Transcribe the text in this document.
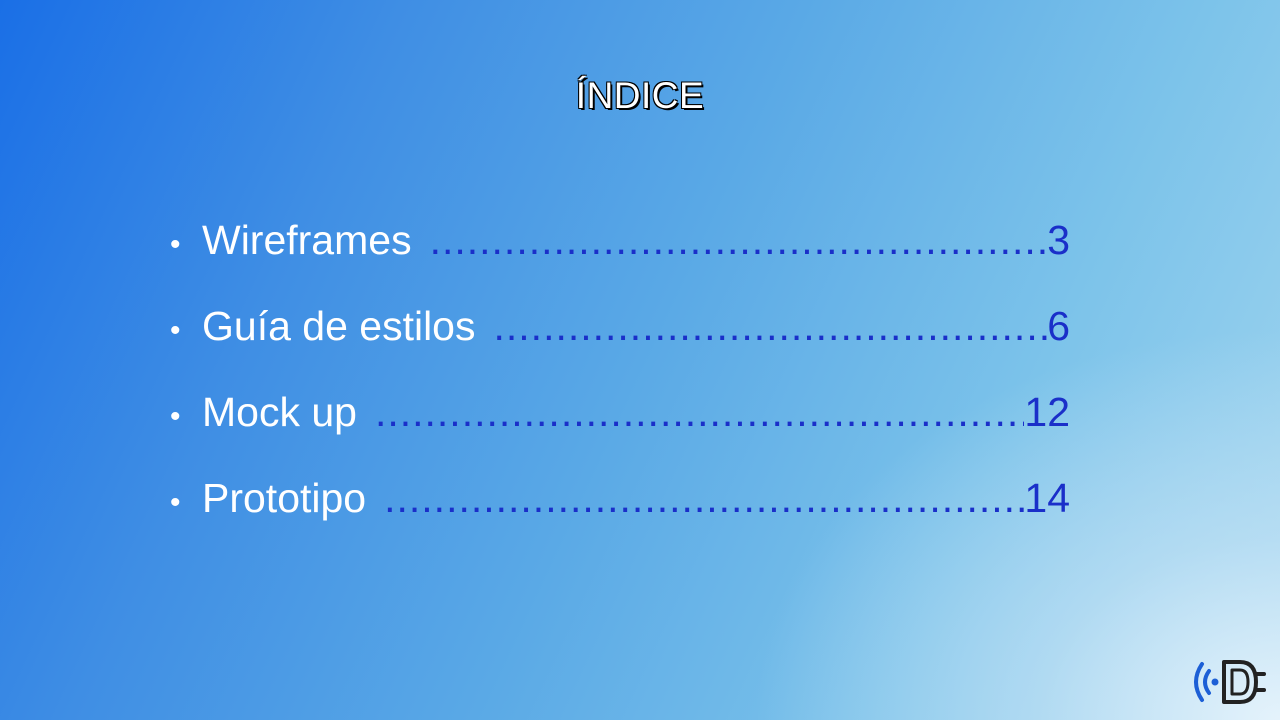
ÍNDICE
• Wireframes .....	3
• Guía de estilos .....	6
• Mock up .....	12
• Prototipo .....	14
